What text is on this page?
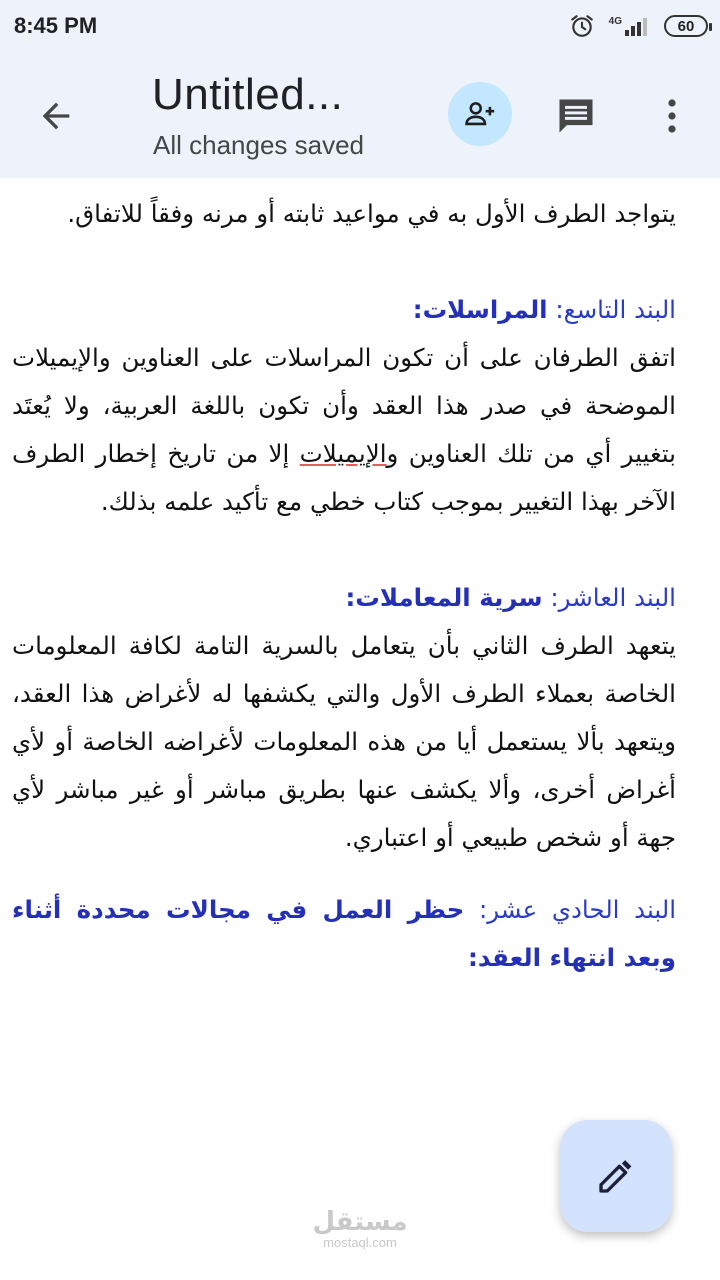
8:45 PM	4G	60
Untitled...
All changes saved

يتواجد الطرف الأول به في مواعيد ثابته أو مرنه وفقاً للاتفاق.

البند التاسع: المراسلات:

اتفق الطرفان على أن تكون المراسلات على العناوين والإيميلات الموضحة في صدر هذا العقد وأن تكون باللغة العربية، ولا يُعتَد بتغيير أي من تلك العناوين والإيميلات إلا من تاريخ إخطار الطرف الآخر بهذا التغيير بموجب كتاب خطي مع تأكيد علمه بذلك.

البند العاشر: سرية المعاملات:

يتعهد الطرف الثاني بأن يتعامل بالسرية التامة لكافة المعلومات الخاصة بعملاء الطرف الأول والتي يكشفها له لأغراض هذا العقد، ويتعهد بألا يستعمل أيا من هذه المعلومات لأغراضه الخاصة أو لأي أغراض أخرى، وألا يكشف عنها بطريق مباشر أو غير مباشر لأي جهة أو شخص طبيعي أو اعتباري.

البند الحادي عشر: حظر العمل في مجالات محددة أثناء وبعد انتهاء العقد:

مستقل
mostaql.com
